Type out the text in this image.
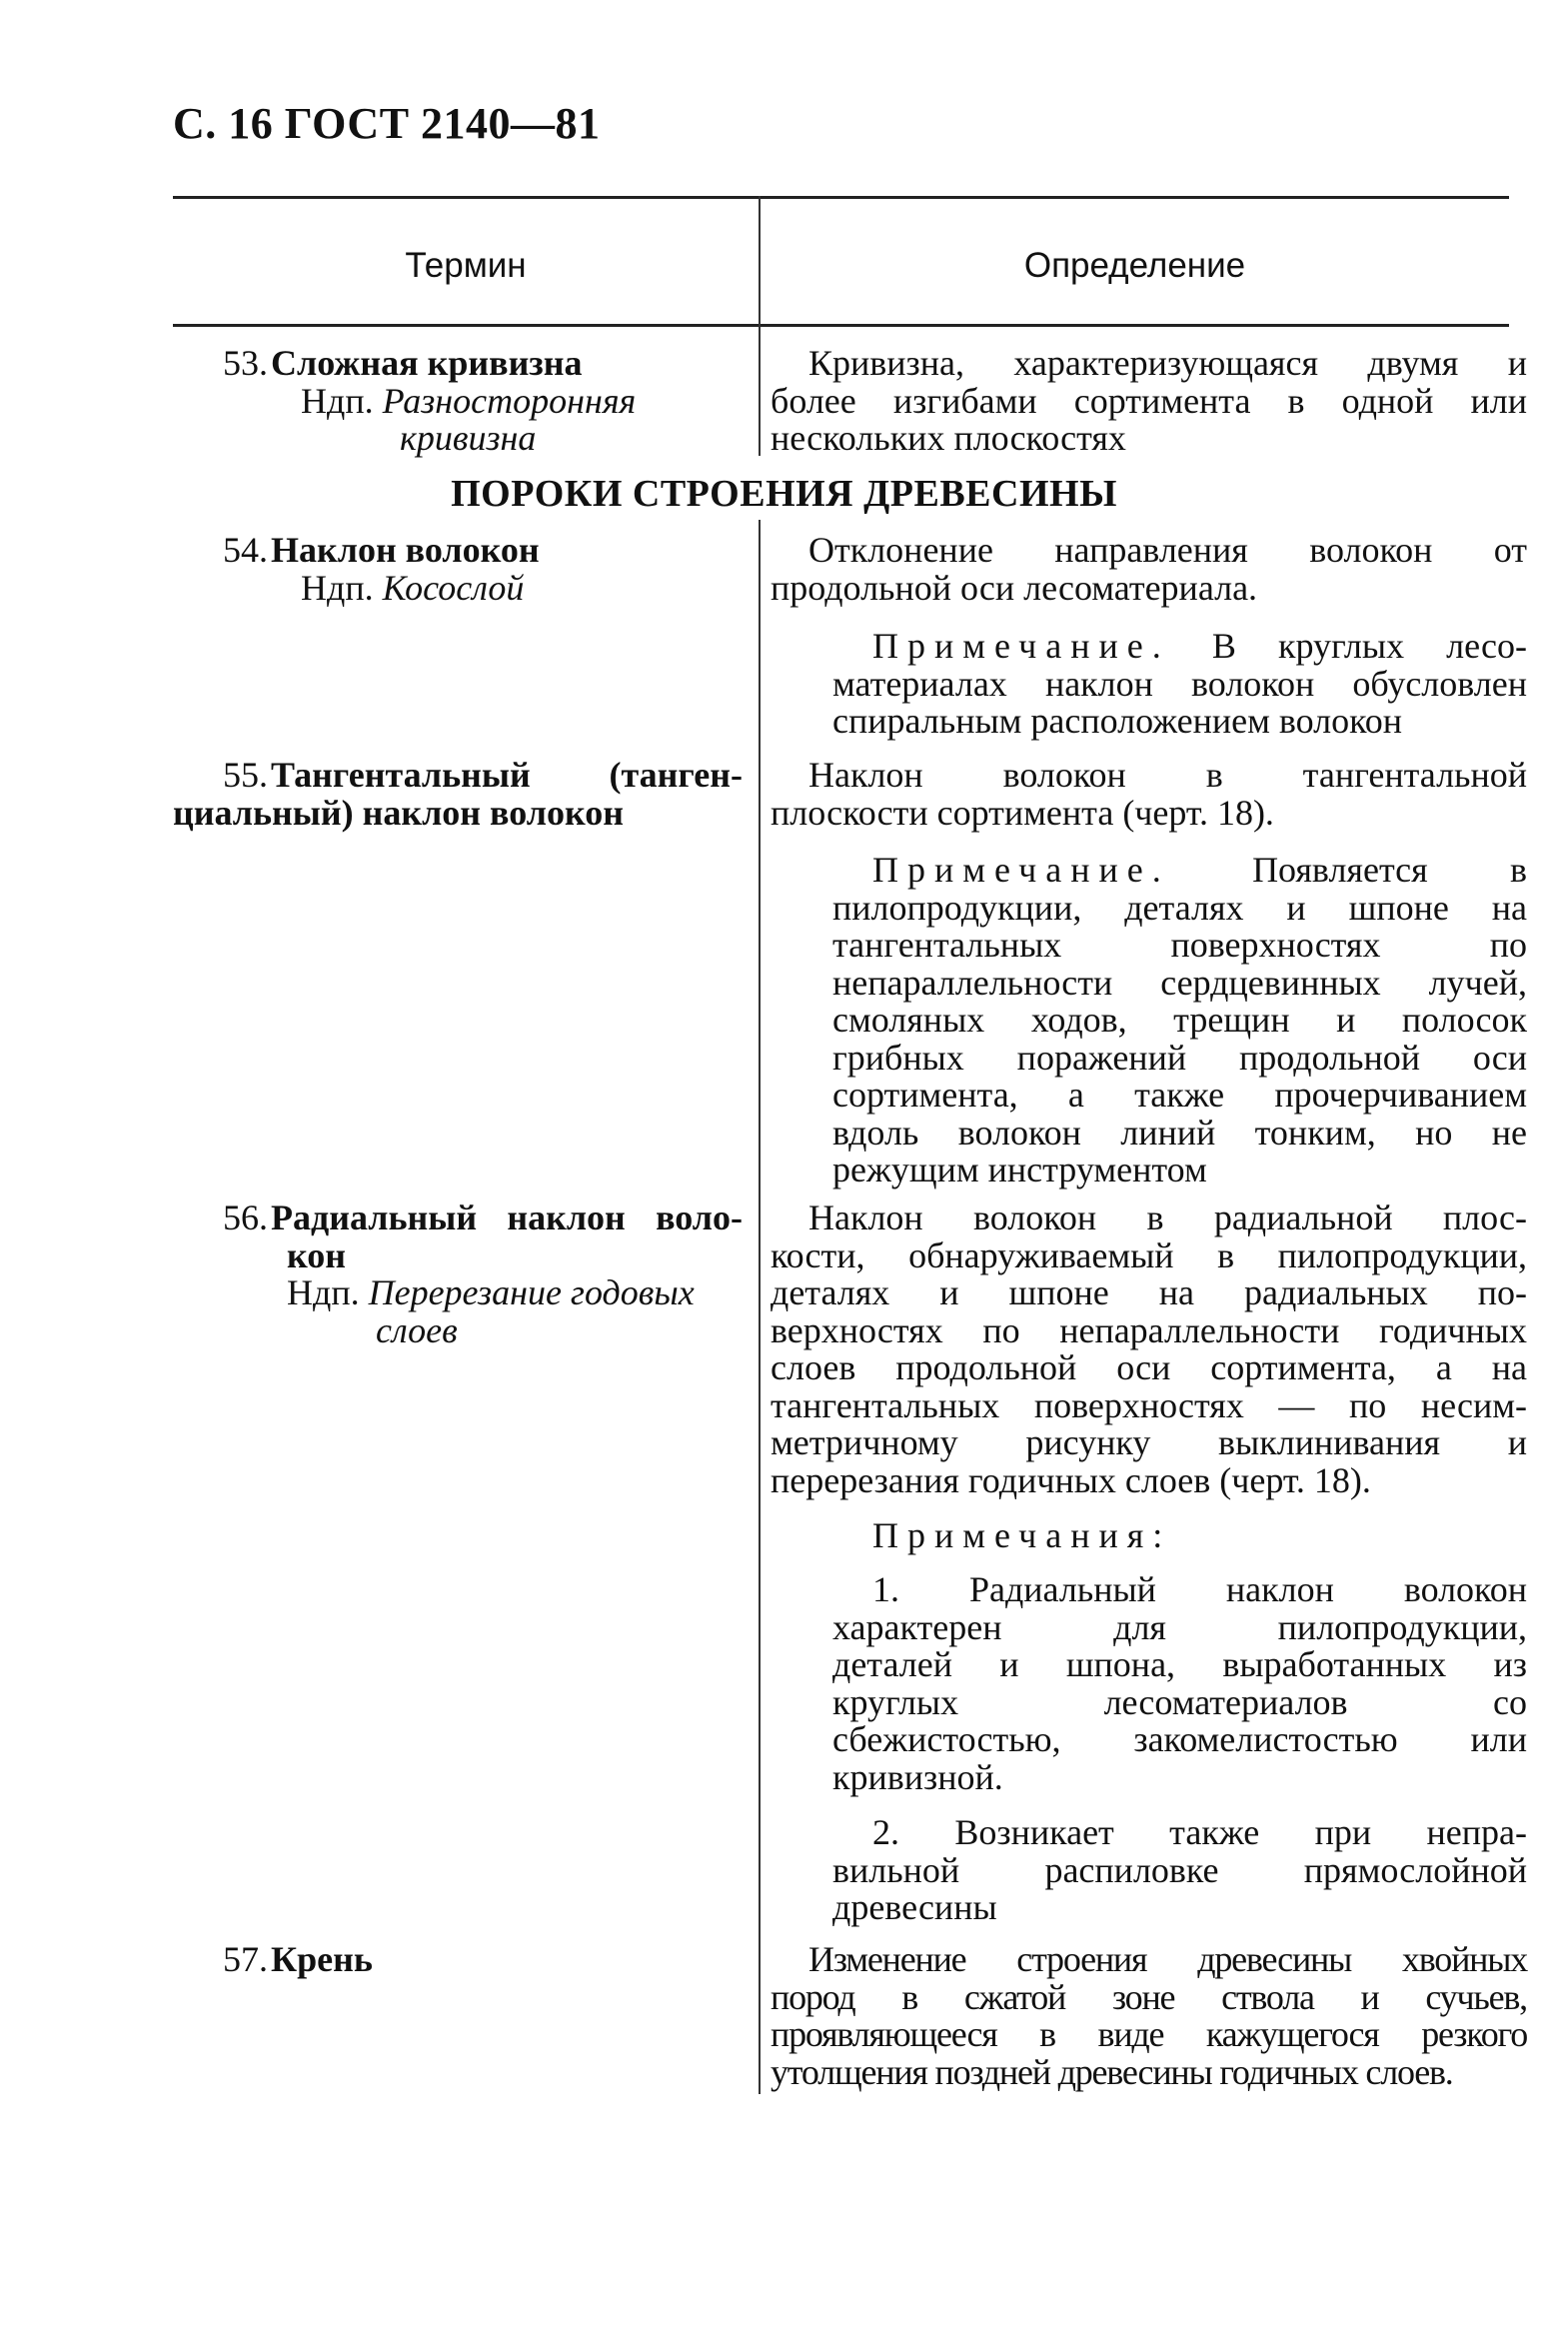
С. 16 ГОСТ 2140—81
Термин	Определение
53.Сложная кривизна
Ндп. Разносторонняя
кривизна
Кривизна, характеризующаяся двумя и
более изгибами сортимента в одной или
нескольких плоскостях
ПОРОКИ СТРОЕНИЯ ДРЕВЕСИНЫ
54.Наклон волокон
Ндп. Косослой
Отклонение направления волокон от
продольной оси лесоматериала.
Примечание. В круглых лесо-
материалах наклон волокон обусловлен
спиральным расположением волокон
55.Тангентальный (танген-
циальный) наклон волокон
Наклон волокон в тангентальной
плоскости сортимента (черт. 18).
Примечание. Появляется в
пилопродукции, деталях и шпоне на
тангентальных поверхностях по
непараллельности сердцевинных лучей,
смоляных ходов, трещин и полосок
грибных поражений продольной оси
сортимента, а также прочерчиванием
вдоль волокон линий тонким, но не
режущим инструментом
56.Радиальный наклон воло-
кон
Ндп. Перерезание годовых
слоев
Наклон волокон в радиальной плос-
кости, обнаруживаемый в пилопродукции,
деталях и шпоне на радиальных по-
верхностях по непараллельности годичных
слоев продольной оси сортимента, а на
тангентальных поверхностях — по несим-
метричному рисунку выклинивания и
перерезания годичных слоев (черт. 18).
Примечания:
1. Радиальный наклон волокон
характерен для пилопродукции,
деталей и шпона, выработанных из
круглых лесоматериалов со
сбежистостью, закомелистостью или
кривизной.
2. Возникает также при непра-
вильной распиловке прямослойной
древесины
57.Крень	Изменение строения древесины хвойных
пород в сжатой зоне ствола и сучьев,
проявляющееся в виде кажущегося резкого
утолщения поздней древесины годичных слоев.
